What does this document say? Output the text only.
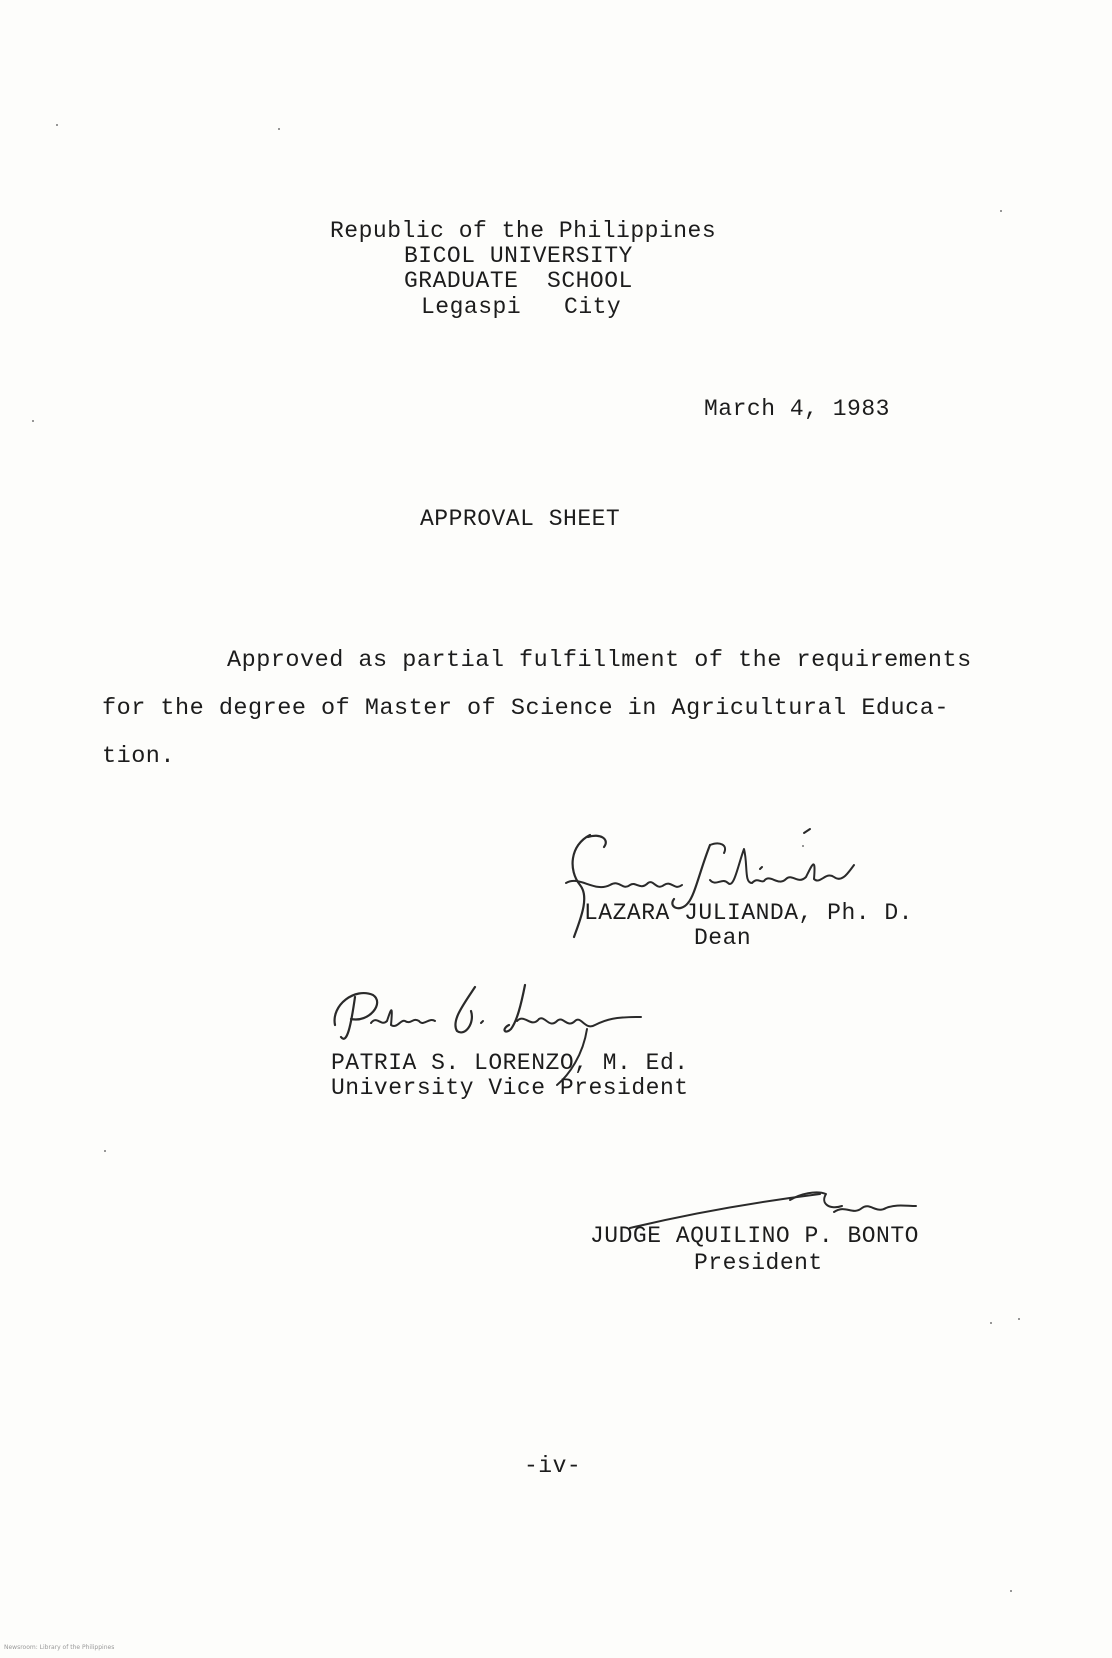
Republic of the Philippines
BICOL UNIVERSITY
GRADUATE  SCHOOL
Legaspi   City
March 4, 1983
APPROVAL SHEET
Approved as partial fulfillment of the requirements
for the degree of Master of Science in Agricultural Educa-
tion.
LAZARA JULIANDA, Ph. D.
Dean
PATRIA S. LORENZO, M. Ed.
University Vice President
JUDGE AQUILINO P. BONTO
President
-iv-
Newsroom: Library of the Philippines
